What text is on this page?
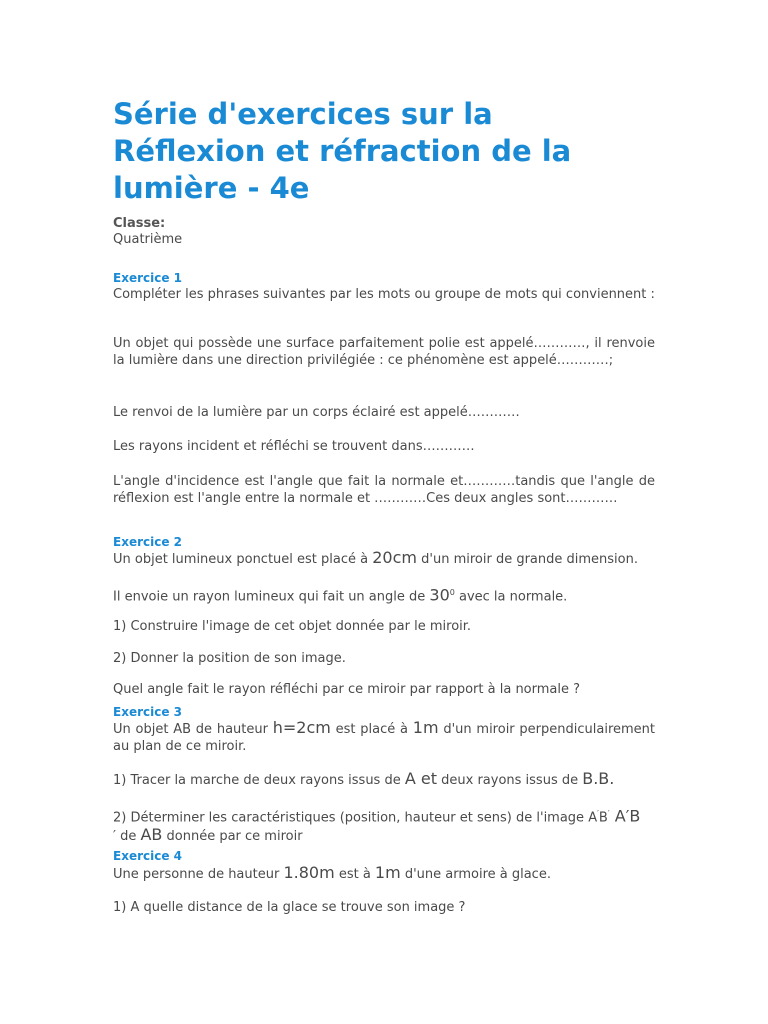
Série d'exercices sur la Réflexion et réfraction de la lumière - 4e
Classe:
Quatrième
Exercice 1

Compléter les phrases suivantes par les mots ou groupe de mots qui conviennent :

Un objet qui possède une surface parfaitement polie est appelé…………, il renvoie la lumière dans une direction privilégiée : ce phénomène est appelé…………;

Le renvoi de la lumière par un corps éclairé est appelé…………

Les rayons incident et réfléchi se trouvent dans…………

L'angle d'incidence est l'angle que fait la normale et…………tandis que l'angle de réflexion est l'angle entre la normale et …………Ces deux angles sont…………

Exercice 2

Un objet lumineux ponctuel est placé à 20cm d'un miroir de grande dimension.

Il envoie un rayon lumineux qui fait un angle de $30^0$ avec la normale.

1) Construire l'image de cet objet donnée par le miroir.

2) Donner la position de son image.

Quel angle fait le rayon réfléchi par ce miroir par rapport à la normale ?

Exercice 3

Un objet AB de hauteur h=2cm est placé à 1m d'un miroir perpendiculairement au plan de ce miroir.

1) Tracer la marche de deux rayons issus de A et deux rayons issus de B.B.

2) Déterminer les caractéristiques (position, hauteur et sens) de l'image A′B′ A′B
′ de AB donnée par ce miroir

Exercice 4

Une personne de hauteur 1.80m est à 1m d'une armoire à glace.

1) A quelle distance de la glace se trouve son image ?
